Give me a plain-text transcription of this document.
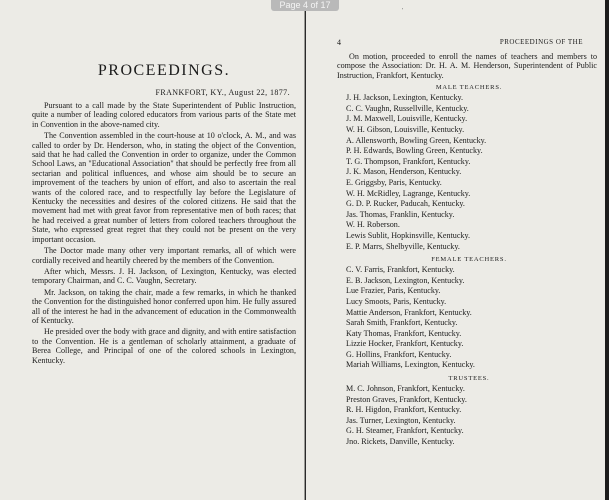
PROCEEDINGS.
FRANKFORT, KY., August 22, 1877.

Pursuant to a call made by the State Superintendent of Public Instruction, quite a number of leading colored educators from various parts of the State met in Convention in the above-named city.

The Convention assembled in the court-house at 10 o'clock, A. M., and was called to order by Dr. Henderson, who, in stating the object of the Convention, said that he had called the Convention in order to organize, under the Common School Laws, an "Educational Association" that should be perfectly free from all sectarian and political influences, and whose aim should be to secure an improvement of the teachers by union of effort, and also to ascertain the real wants of the colored race, and to respectfully lay before the Legislature of Kentucky the necessities and desires of the colored citizens. He said that the movement had met with great favor from representative men of both races; that he had received a great number of letters from colored teachers throughout the State, who expressed great regret that they could not be present on the very important occasion.

The Doctor made many other very important remarks, all of which were cordially received and heartily cheered by the members of the Convention.

After which, Messrs. J. H. Jackson, of Lexington, Kentucky, was elected temporary Chairman, and C. C. Vaughn, Secretary.

Mr. Jackson, on taking the chair, made a few remarks, in which he thanked the Convention for the distinguished honor conferred upon him. He fully assured all of the interest he had in the advancement of education in the Commonwealth of Kentucky.

He presided over the body with grace and dignity, and with entire satisfaction to the Convention. He is a gentleman of scholarly attainment, a graduate of Berea College, and Principal of one of the colored schools in Lexington, Kentucky.

4	PROCEEDINGS OF THE
On motion, proceeded to enroll the names of teachers and members to compose the Association: Dr. H. A. M. Henderson, Superintendent of Public Instruction, Frankfort, Kentucky.
MALE TEACHERS.
J. H. Jackson, Lexington, Kentucky.
C. C. Vaughn, Russellville, Kentucky.
J. M. Maxwell, Louisville, Kentucky.
W. H. Gibson, Louisville, Kentucky.
A. Allensworth, Bowling Green, Kentucky.
P. H. Edwards, Bowling Green, Kentucky.
T. G. Thompson, Frankfort, Kentucky.
J. K. Mason, Henderson, Kentucky.
E. Griggsby, Paris, Kentucky.
W. H. McRidley, Lagrange, Kentucky.
G. D. P. Rucker, Paducah, Kentucky.
Jas. Thomas, Franklin, Kentucky.
W. H. Roberson.
Lewis Sublit, Hopkinsville, Kentucky.
E. P. Marrs, Shelbyville, Kentucky.
FEMALE TEACHERS.
C. V. Farris, Frankfort, Kentucky.
E. B. Jackson, Lexington, Kentucky.
Lue Frazier, Paris, Kentucky.
Lucy Smoots, Paris, Kentucky.
Mattie Anderson, Frankfort, Kentucky.
Sarah Smith, Frankfort, Kentucky.
Katy Thomas, Frankfort, Kentucky.
Lizzie Hocker, Frankfort, Kentucky.
G. Hollins, Frankfort, Kentucky.
Mariah Williams, Lexington, Kentucky.
TRUSTEES.
M. C. Johnson, Frankfort, Kentucky.
Preston Graves, Frankfort, Kentucky.
R. H. Higdon, Frankfort, Kentucky.
Jas. Turner, Lexington, Kentucky.
G. H. Steamer, Frankfort, Kentucky.
Jno. Rickets, Danville, Kentucky.
'
Page 4 of 17
